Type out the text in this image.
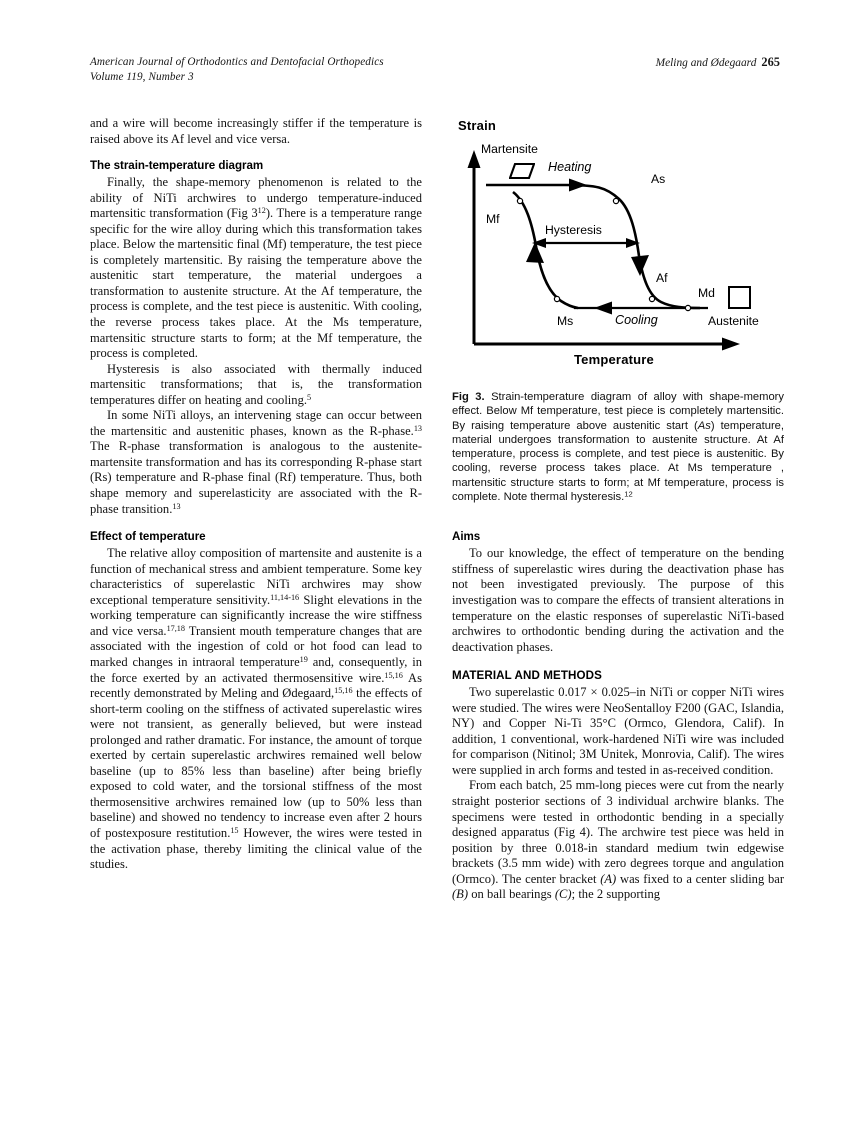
American Journal of Orthodontics and Dentofacial Orthopedics
Volume 119, Number 3
Meling and Ødegaard 265

and a wire will become increasingly stiffer if the temperature is raised above its Af level and vice versa.

The strain-temperature diagram

Finally, the shape-memory phenomenon is related to the ability of NiTi archwires to undergo temperature-induced martensitic transformation (Fig $3^{12}$). There is a temperature range specific for the wire alloy during which this transformation takes place. Below the martensitic final (Mf) temperature, the test piece is completely martensitic. By raising the temperature above the austenitic start temperature, the material undergoes a transformation to austenite structure. At the Af temperature, the process is complete, and the test piece is austenitic. With cooling, the reverse process takes place. At the Ms temperature, martensitic structure starts to form; at the Mf temperature, the process is completed.

Hysteresis is also associated with thermally induced martensitic transformations; that is, the transformation temperatures differ on heating and cooling.$^5$

In some NiTi alloys, an intervening stage can occur between the martensitic and austenitic phases, known as the R-phase.$^{13}$ The R-phase transformation is analogous to the austenite-martensite transformation and has its corresponding R-phase start (Rs) temperature and R-phase final (Rf) temperature. Thus, both shape memory and superelasticity are associated with the R-phase transition.$^{13}$

Effect of temperature

The relative alloy composition of martensite and austenite is a function of mechanical stress and ambient temperature. Some key characteristics of superelastic NiTi archwires may show exceptional temperature sensitivity.$^{11,14-16}$ Slight elevations in the working temperature can significantly increase the wire stiffness and vice versa.$^{17,18}$ Transient mouth temperature changes that are associated with the ingestion of cold or hot food can lead to marked changes in intraoral temperature$^{19}$ and, consequently, in the force exerted by an activated thermosensitive wire.$^{15,16}$ As recently demonstrated by Meling and Ødegaard,$^{15,16}$ the effects of short-term cooling on the stiffness of activated superelastic wires were not transient, as generally believed, but were instead prolonged and rather dramatic. For instance, the amount of torque exerted by certain superelastic archwires remained well below baseline (up to 85% less than baseline) after being briefly exposed to cold water, and the torsional stiffness of the most thermosensitive archwires remained low (up to 50% less than baseline) and showed no tendency to increase even after 2 hours of postexposure restitution.$^{15}$ However, the wires were tested in the activation phase, thereby limiting the clinical value of the studies.

Strain
Temperature
Martensite
Heating
As
Mf
Hysteresis
Af
Md
Ms	Cooling	Austenite

Fig 3. Strain-temperature diagram of alloy with shape-memory effect. Below Mf temperature, test piece is completely martensitic. By raising temperature above austenitic start (As) temperature, material undergoes transformation to austenite structure. At Af temperature, process is complete, and test piece is austenitic. By cooling, reverse process takes place. At Ms temperature , martensitic structure starts to form; at Mf temperature, process is complete. Note thermal hysteresis.$^{12}$

Aims

To our knowledge, the effect of temperature on the bending stiffness of superelastic wires during the deactivation phase has not been investigated previously. The purpose of this investigation was to compare the effects of transient alterations in temperature on the elastic responses of superelastic NiTi-based archwires to orthodontic bending during the activation and the deactivation phases.

MATERIAL AND METHODS

Two superelastic 0.017 × 0.025–in NiTi or copper NiTi wires were studied. The wires were NeoSentalloy F200 (GAC, Islandia, NY) and Copper Ni-Ti 35°C (Ormco, Glendora, Calif). In addition, 1 conventional, work-hardened NiTi wire was included for comparison (Nitinol; 3M Unitek, Monrovia, Calif). The wires were supplied in arch forms and tested in as-received condition.

From each batch, 25 mm-long pieces were cut from the nearly straight posterior sections of 3 individual archwire blanks. The specimens were tested in orthodontic bending in a specially designed apparatus (Fig 4). The archwire test piece was held in position by three 0.018-in standard medium twin edgewise brackets (3.5 mm wide) with zero degrees torque and angulation (Ormco). The center bracket (A) was fixed to a center sliding bar (B) on ball bearings (C); the 2 supporting
